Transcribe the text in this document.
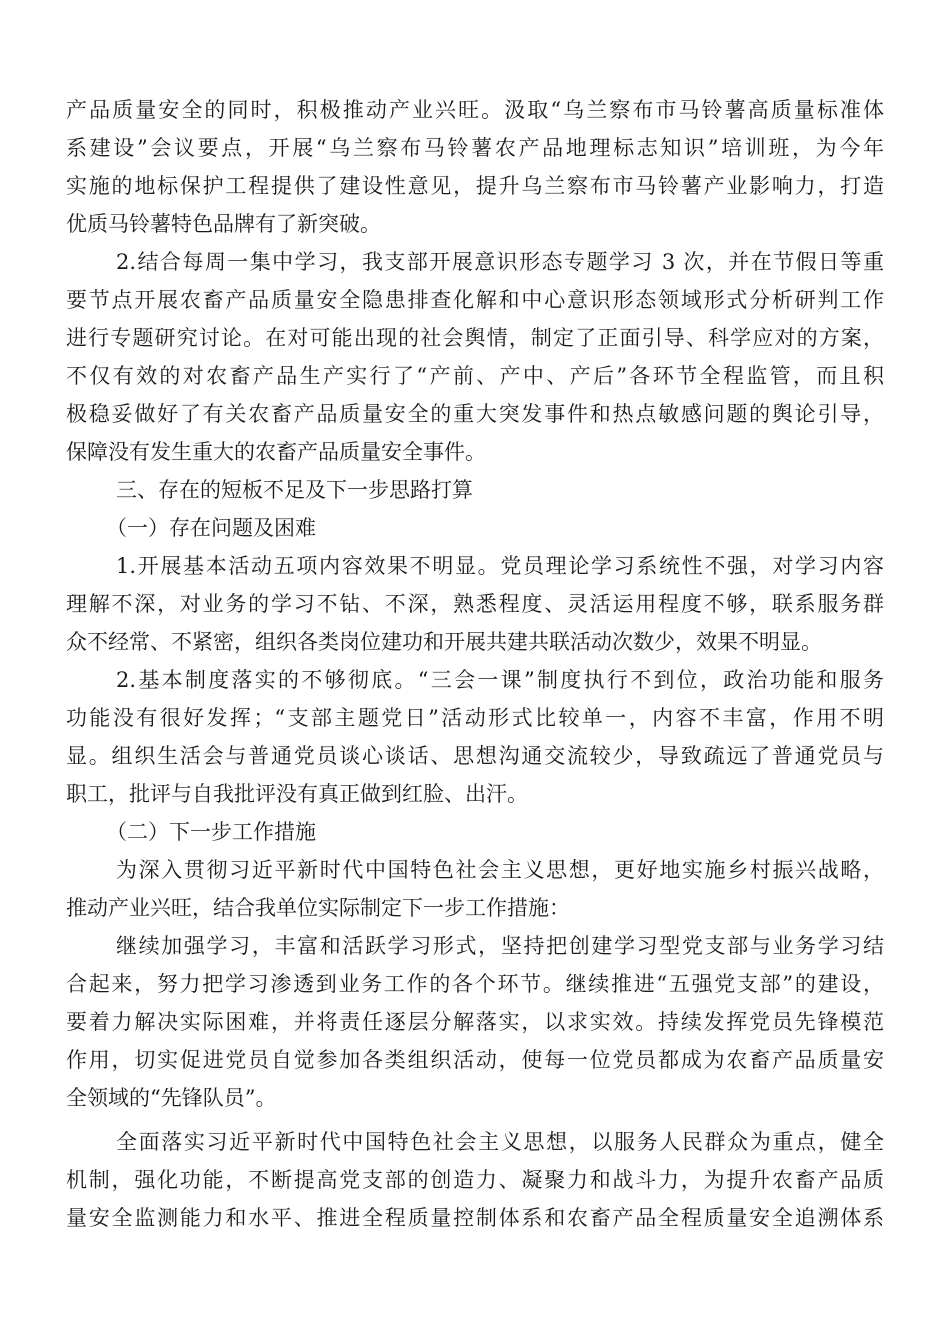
产品质量安全的同时，积极推动产业兴旺。汲取“乌兰察布市马铃薯高质量标准体
系建设”会议要点，开展“乌兰察布马铃薯农产品地理标志知识”培训班，为今年
实施的地标保护工程提供了建设性意见，提升乌兰察布市马铃薯产业影响力，打造
优质马铃薯特色品牌有了新突破。
2.结合每周一集中学习，我支部开展意识形态专题学习 3 次，并在节假日等重
要节点开展农畜产品质量安全隐患排查化解和中心意识形态领域形式分析研判工作
进行专题研究讨论。在对可能出现的社会舆情，制定了正面引导、科学应对的方案，
不仅有效的对农畜产品生产实行了“产前、产中、产后”各环节全程监管，而且积
极稳妥做好了有关农畜产品质量安全的重大突发事件和热点敏感问题的舆论引导，
保障没有发生重大的农畜产品质量安全事件。
三、存在的短板不足及下一步思路打算
（一）存在问题及困难
1.开展基本活动五项内容效果不明显。党员理论学习系统性不强，对学习内容
理解不深，对业务的学习不钻、不深，熟悉程度、灵活运用程度不够，联系服务群
众不经常、不紧密，组织各类岗位建功和开展共建共联活动次数少，效果不明显。
2.基本制度落实的不够彻底。“三会一课”制度执行不到位，政治功能和服务
功能没有很好发挥；“支部主题党日”活动形式比较单一，内容不丰富，作用不明
显。组织生活会与普通党员谈心谈话、思想沟通交流较少，导致疏远了普通党员与
职工，批评与自我批评没有真正做到红脸、出汗。
（二）下一步工作措施
为深入贯彻习近平新时代中国特色社会主义思想，更好地实施乡村振兴战略，
推动产业兴旺，结合我单位实际制定下一步工作措施：
继续加强学习，丰富和活跃学习形式，坚持把创建学习型党支部与业务学习结
合起来，努力把学习渗透到业务工作的各个环节。继续推进“五强党支部”的建设，
要着力解决实际困难，并将责任逐层分解落实，以求实效。持续发挥党员先锋模范
作用，切实促进党员自觉参加各类组织活动，使每一位党员都成为农畜产品质量安
全领域的“先锋队员”。
全面落实习近平新时代中国特色社会主义思想，以服务人民群众为重点，健全
机制，强化功能，不断提高党支部的创造力、凝聚力和战斗力，为提升农畜产品质
量安全监测能力和水平、推进全程质量控制体系和农畜产品全程质量安全追溯体系
